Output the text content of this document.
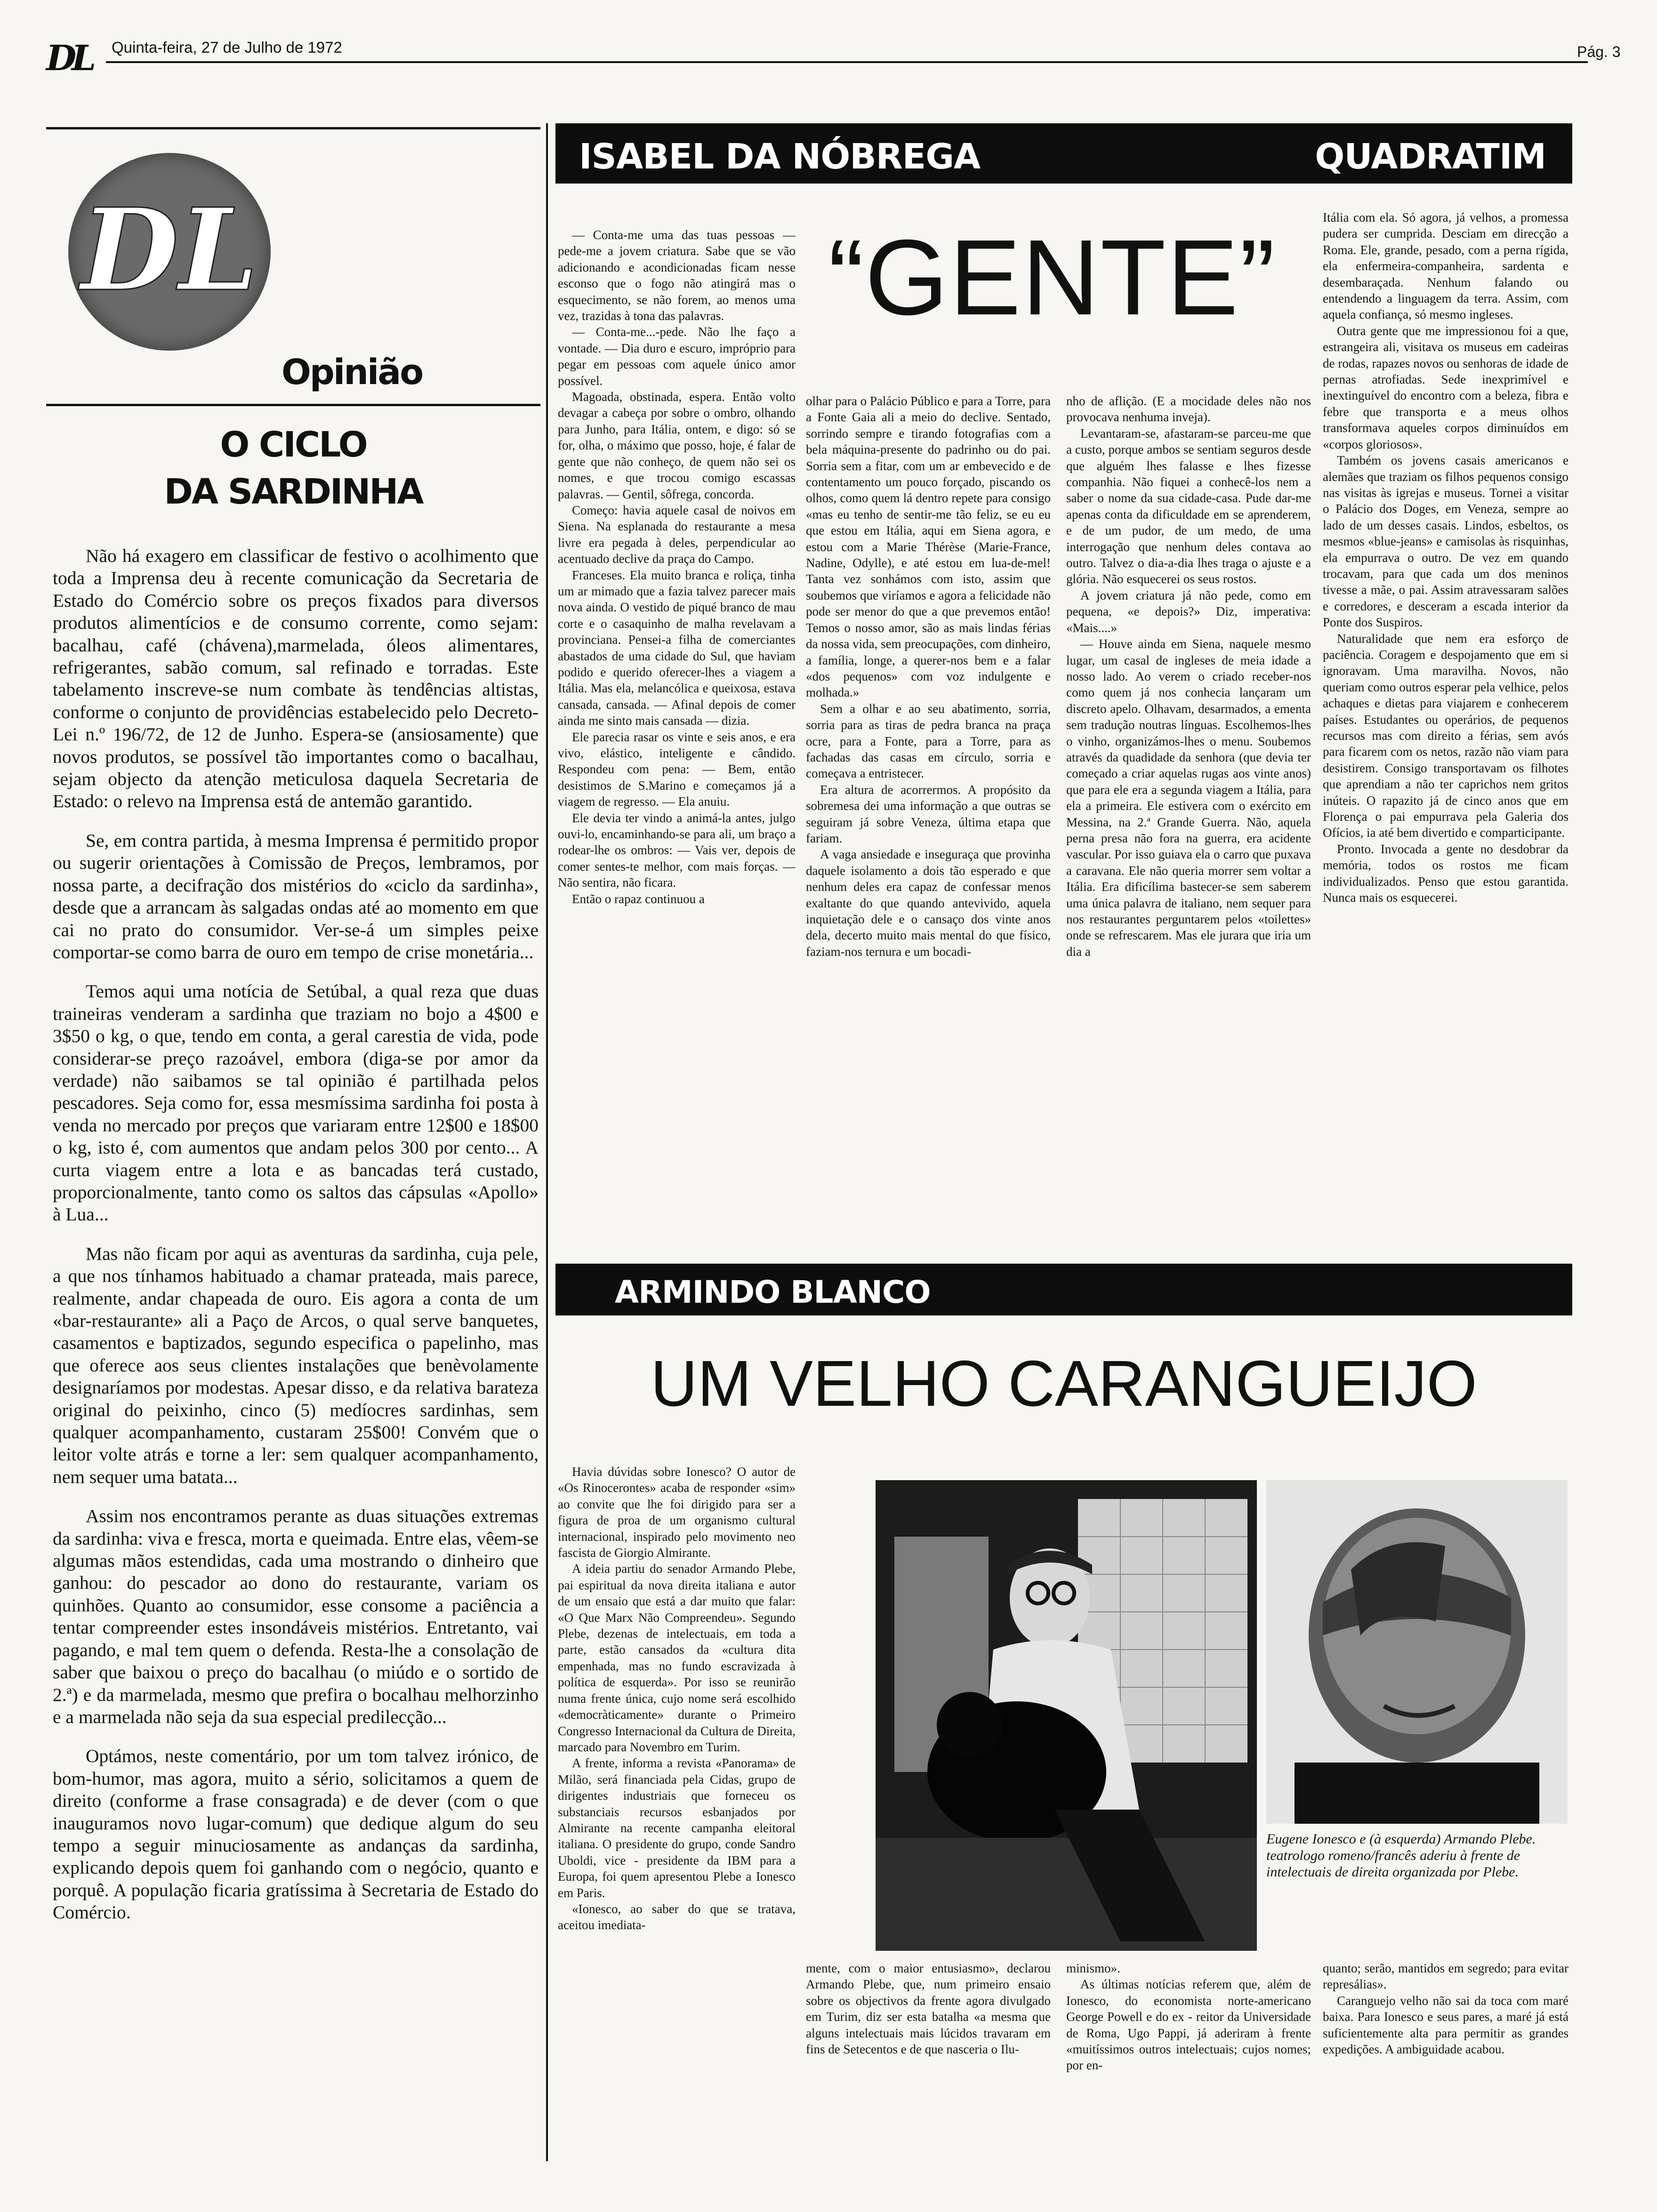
DL Quinta-feira, 27 de Julho de 1972	Pág. 3
DL
Opinião
O CICLO
DA SARDINHA

Não há exagero em classificar de festivo o acolhimento que toda a Imprensa deu à recente comunicação da Secretaria de Estado do Comércio sobre os preços fixados para diversos produtos alimentícios e de consumo corrente, como sejam: bacalhau, café (chávena),marmelada, óleos alimentares, refrigerantes, sabão comum, sal refinado e torradas. Este tabelamento inscreve-se num combate às tendências altistas, conforme o conjunto de providências estabelecido pelo Decreto-Lei n.º 196/72, de 12 de Junho. Espera-se (ansiosamente) que novos produtos, se possível tão importantes como o bacalhau, sejam objecto da atenção meticulosa daquela Secretaria de Estado: o relevo na Imprensa está de antemão garantido.

Se, em contra partida, à mesma Imprensa é permitido propor ou sugerir orientações à Comissão de Preços, lembramos, por nossa parte, a decifração dos mistérios do «ciclo da sardinha», desde que a arrancam às salgadas ondas até ao momento em que cai no prato do consumidor. Ver-se-á um simples peixe comportar-se como barra de ouro em tempo de crise monetária...

Temos aqui uma notícia de Setúbal, a qual reza que duas traineiras venderam a sardinha que traziam no bojo a 4$00 e 3$50 o kg, o que, tendo em conta, a geral carestia de vida, pode considerar-se preço razoável, embora (diga-se por amor da verdade) não saibamos se tal opinião é partilhada pelos pescadores. Seja como for, essa mesmíssima sardinha foi posta à venda no mercado por preços que variaram entre 12$00 e 18$00 o kg, isto é, com aumentos que andam pelos 300 por cento... A curta viagem entre a lota e as bancadas terá custado, proporcionalmente, tanto como os saltos das cápsulas «Apollo» à Lua...

Mas não ficam por aqui as aventuras da sardinha, cuja pele, a que nos tínhamos habituado a chamar prateada, mais parece, realmente, andar chapeada de ouro. Eis agora a conta de um «bar-restaurante» ali a Paço de Arcos, o qual serve banquetes, casamentos e baptizados, segundo especifica o papelinho, mas que oferece aos seus clientes instalações que benèvolamente designaríamos por modestas. Apesar disso, e da relativa barateza original do peixinho, cinco (5) medíocres sardinhas, sem qualquer acompanhamento, custaram 25$00! Convém que o leitor volte atrás e torne a ler: sem qualquer acompanhamento, nem sequer uma batata...

Assim nos encontramos perante as duas situações extremas da sardinha: viva e fresca, morta e queimada. Entre elas, vêem-se algumas mãos estendidas, cada uma mostrando o dinheiro que ganhou: do pescador ao dono do restaurante, variam os quinhões. Quanto ao consumidor, esse consome a paciência a tentar compreender estes insondáveis mistérios. Entretanto, vai pagando, e mal tem quem o defenda. Resta-lhe a consolação de saber que baixou o preço do bacalhau (o miúdo e o sortido de 2.ª) e da marmelada, mesmo que prefira o bocalhau melhorzinho e a marmelada não seja da sua especial predilecção...

Optámos, neste comentário, por um tom talvez irónico, de bom-humor, mas agora, muito a sério, solicitamos a quem de direito (conforme a frase consagrada) e de dever (com o que inauguramos novo lugar-comum) que dedique algum do seu tempo a seguir minuciosamente as andanças da sardinha, explicando depois quem foi ganhando com o negócio, quanto e porquê. A população ficaria gratíssima à Secretaria de Estado do Comércio.

ISABEL DA NÓBREGA	QUADRATIM
“GENTE”

— Conta-me uma das tuas pessoas — pede-me a jovem criatura. Sabe que se vão adicionando e acondicionadas ficam nesse esconso que o fogo não atingirá mas o esquecimento, se não forem, ao menos uma vez, trazidas à tona das palavras.

— Conta-me...-pede. Não lhe faço a vontade. — Dia duro e escuro, impróprio para pegar em pessoas com aquele único amor possível.

Magoada, obstinada, espera. Então volto devagar a cabeça por sobre o ombro, olhando para Junho, para Itália, ontem, e digo: só se for, olha, o máximo que posso, hoje, é falar de gente que não conheço, de quem não sei os nomes, e que trocou comigo escassas palavras. — Gentil, sôfrega, concorda.

Começo: havia aquele casal de noivos em Siena. Na esplanada do restaurante a mesa livre era pegada à deles, perpendicular ao acentuado declive da praça do Campo.

Franceses. Ela muito branca e roliça, tinha um ar mimado que a fazia talvez parecer mais nova ainda. O vestido de piqué branco de mau corte e o casaquinho de malha revelavam a provinciana. Pensei-a filha de comerciantes abastados de uma cidade do Sul, que haviam podido e querido oferecer-lhes a viagem a Itália. Mas ela, melancólica e queixosa, estava cansada, cansada. — Afinal depois de comer ainda me sinto mais cansada — dizia.

Ele parecia rasar os vinte e seis anos, e era vivo, elástico, inteligente e cândido. Respondeu com pena: — Bem, então desistimos de S.Marino e começamos já a viagem de regresso. — Ela anuiu.

Ele devia ter vindo a animá-la antes, julgo ouvi-lo, encaminhando-se para ali, um braço a rodear-lhe os ombros: — Vais ver, depois de comer sentes-te melhor, com mais forças. — Não sentira, não ficara.

Então o rapaz continuou a

olhar para o Palácio Público e para a Torre, para a Fonte Gaia ali a meio do declive. Sentado, sorrindo sempre e tirando fotografias com a bela máquina-presente do padrinho ou do pai. Sorria sem a fitar, com um ar embevecido e de contentamento um pouco forçado, piscando os olhos, como quem lá dentro repete para consigo «mas eu tenho de sentir-me tão feliz, se eu eu que estou em Itália, aqui em Siena agora, e estou com a Marie Thérèse (Marie-France, Nadine, Odylle), e até estou em lua-de-mel! Tanta vez sonhámos com isto, assim que soubemos que viríamos e agora a felicidade não pode ser menor do que a que prevemos então! Temos o nosso amor, são as mais lindas férias da nossa vida, sem preocupações, com dinheiro, a família, longe, a querer-nos bem e a falar «dos pequenos» com voz indulgente e molhada.»

Sem a olhar e ao seu abatimento, sorria, sorria para as tiras de pedra branca na praça ocre, para a Fonte, para a Torre, para as fachadas das casas em círculo, sorria e começava a entristecer.

Era altura de acorrermos. A propósito da sobremesa dei uma informação a que outras se seguiram já sobre Veneza, última etapa que fariam.

A vaga ansiedade e inseguraça que provinha daquele isolamento a dois tão esperado e que nenhum deles era capaz de confessar menos exaltante do que quando antevivido, aquela inquietação dele e o cansaço dos vinte anos dela, decerto muito mais mental do que físico, faziam-nos ternura e um bocadi-

nho de aflição. (E a mocidade deles não nos provocava nenhuma inveja).

Levantaram-se, afastaram-se parceu-me que a custo, porque ambos se sentiam seguros desde que alguém lhes falasse e lhes fizesse companhia. Não fiquei a conhecê-los nem a saber o nome da sua cidade-casa. Pude dar-me apenas conta da dificuldade em se aprenderem, e de um pudor, de um medo, de uma interrogação que nenhum deles contava ao outro. Talvez o dia-a-dia lhes traga o ajuste e a glória. Não esquecerei os seus rostos.

A jovem criatura já não pede, como em pequena, «e depois?» Diz, imperativa: «Mais....»

— Houve ainda em Siena, naquele mesmo lugar, um casal de ingleses de meia idade a nosso lado. Ao verem o criado receber-nos como quem já nos conhecia lançaram um discreto apelo. Olhavam, desarmados, a ementa sem tradução noutras línguas. Escolhemos-lhes o vinho, organizámos-lhes o menu. Soubemos através da quadidade da senhora (que devia ter começado a criar aquelas rugas aos vinte anos) que para ele era a segunda viagem a Itália, para ela a primeira. Ele estivera com o exército em Messina, na 2.ª Grande Guerra. Não, aquela perna presa não fora na guerra, era acidente vascular. Por isso guiava ela o carro que puxava a caravana. Ele não queria morrer sem voltar a Itália. Era dificílima bastecer-se sem saberem uma única palavra de italiano, nem sequer para nos restaurantes perguntarem pelos «toilettes» onde se refrescarem. Mas ele jurara que iria um dia a

Itália com ela. Só agora, já velhos, a promessa pudera ser cumprida. Desciam em direcção a Roma. Ele, grande, pesado, com a perna rígida, ela enfermeira-companheira, sardenta e desembaraçada. Nenhum falando ou entendendo a linguagem da terra. Assim, com aquela confiança, só mesmo ingleses.

Outra gente que me impressionou foi a que, estrangeira ali, visitava os museus em cadeiras de rodas, rapazes novos ou senhoras de idade de pernas atrofiadas. Sede inexprimível e inextinguível do encontro com a beleza, fibra e febre que transporta e a meus olhos transformava aqueles corpos diminuídos em «corpos gloriosos».

Também os jovens casais americanos e alemães que traziam os filhos pequenos consigo nas visitas às igrejas e museus. Tornei a visitar o Palácio dos Doges, em Veneza, sempre ao lado de um desses casais. Lindos, esbeltos, os mesmos «blue-jeans» e camisolas às risquinhas, ela empurrava o outro. De vez em quando trocavam, para que cada um dos meninos tivesse a mãe, o pai. Assim atravessaram salões e corredores, e desceram a escada interior da Ponte dos Suspiros.

Naturalidade que nem era esforço de paciência. Coragem e despojamento que em si ignoravam. Uma maravilha. Novos, não queriam como outros esperar pela velhice, pelos achaques e dietas para viajarem e conhecerem países. Estudantes ou operários, de pequenos recursos mas com direito a férias, sem avós para ficarem com os netos, razão não viam para desistirem. Consigo transportavam os filhotes que aprendiam a não ter caprichos nem gritos inúteis. O rapazito já de cinco anos que em Florença o pai empurrava pela Galeria dos Ofícios, ia até bem divertido e comparticipante.

Pronto. Invocada a gente no desdobrar da memória, todos os rostos me ficam individualizados. Penso que estou garantida. Nunca mais os esquecerei.

ARMINDO BLANCO
UM VELHO CARANGUEIJO

Havia dúvidas sobre Ionesco? O autor de «Os Rinocerontes» acaba de responder «sim» ao convite que lhe foi dirigido para ser a figura de proa de um organismo cultural internacional, inspirado pelo movimento neo fascista de Giorgio Almirante.

A ideia partiu do senador Armando Plebe, pai espiritual da nova direita italiana e autor de um ensaio que está a dar muito que falar: «O Que Marx Não Compreendeu». Segundo Plebe, dezenas de intelectuais, em toda a parte, estão cansados da «cultura dita empenhada, mas no fundo escravizada à política de esquerda». Por isso se reunirão numa frente única, cujo nome será escolhido «democràticamente» durante o Primeiro Congresso Internacional da Cultura de Direita, marcado para Novembro em Turim.

A frente, informa a revista «Panorama» de Milão, será financiada pela Cidas, grupo de dirigentes industriais que forneceu os substanciais recursos esbanjados por Almirante na recente campanha eleitoral italiana. O presidente do grupo, conde Sandro Uboldi, vice - presidente da IBM para a Europa, foi quem apresentou Plebe a Ionesco em Paris.

«Ionesco, ao saber do que se tratava, aceitou imediata-

Eugene Ionesco e (à esquerda) Armando Plebe. teatrologo romeno/francês aderiu à frente de intelectuais de direita organizada por Plebe.

mente, com o maior entusiasmo», declarou Armando Plebe, que, num primeiro ensaio sobre os objectivos da frente agora divulgado em Turim, diz ser esta batalha «a mesma que alguns intelectuais mais lúcidos travaram em fins de Setecentos e de que nasceria o Ilu-

minismo».

As últimas notícias referem que, além de Ionesco, do economista norte-americano George Powell e do ex - reitor da Universidade de Roma, Ugo Pappi, já aderiram à frente «muitíssimos outros intelectuais; cujos nomes; por en-

quanto; serão, mantidos em segredo; para evitar represálias».

Caranguejo velho não sai da toca com maré baixa. Para Ionesco e seus pares, a maré já está suficientemente alta para permitir as grandes expedições. A ambiguidade acabou.
